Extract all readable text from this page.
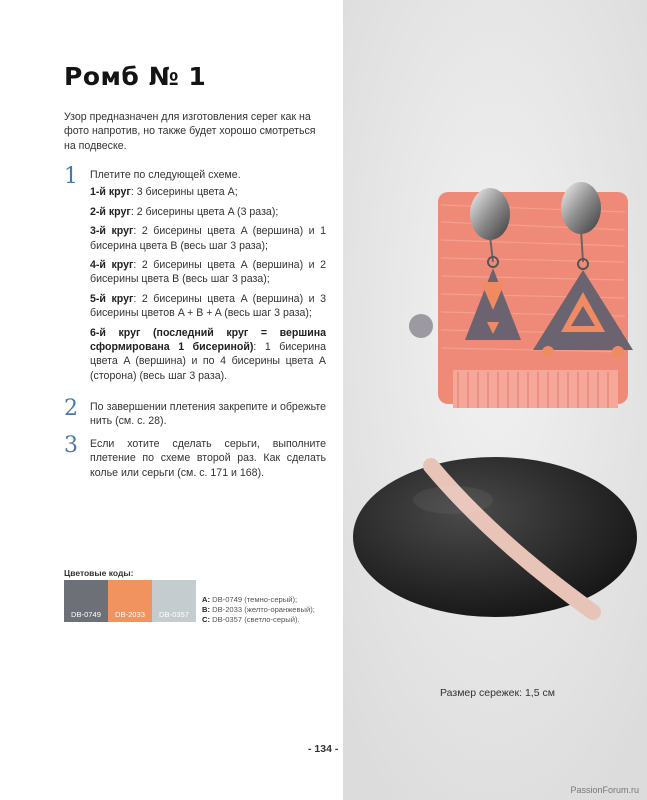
Ромб № 1
Узор предназначен для изготовления серег как на фото напротив, но также будет хорошо смотреться на подвеске.
1 Плетите по следующей схеме.

1-й круг: 3 бисерины цвета A;

2-й круг: 2 бисерины цвета A (3 раза);

3-й круг: 2 бисерины цвета A (вершина) и 1 бисерина цвета B (весь шаг 3 раза);

4-й круг: 2 бисерины цвета A (вершина) и 2 бисерины цвета B (весь шаг 3 раза);

5-й круг: 2 бисерины цвета A (вершина) и 3 бисерины цветов A + B + A (весь шаг 3 раза);

6-й круг (последний круг = вершина сформирована 1 бисериной): 1 бисерина цвета A (вершина) и по 4 бисерины цвета A (сторона) (весь шаг 3 раза).

2 По завершении плетения закрепите и обрежьте нить (см. с. 28).

3 Если хотите сделать серьги, выполните плетение по схеме второй раз. Как сделать колье или серьги (см. с. 171 и 168).

Цветовые коды:
DB-0749	DB-2033	DB-0357
A: DB-0749 (темно-серый);
B: DB-2033 (желто-оранжевый);
C: DB-0357 (светло-серый).
- 134 -
Размер сережек: 1,5 см
PassionForum.ru
